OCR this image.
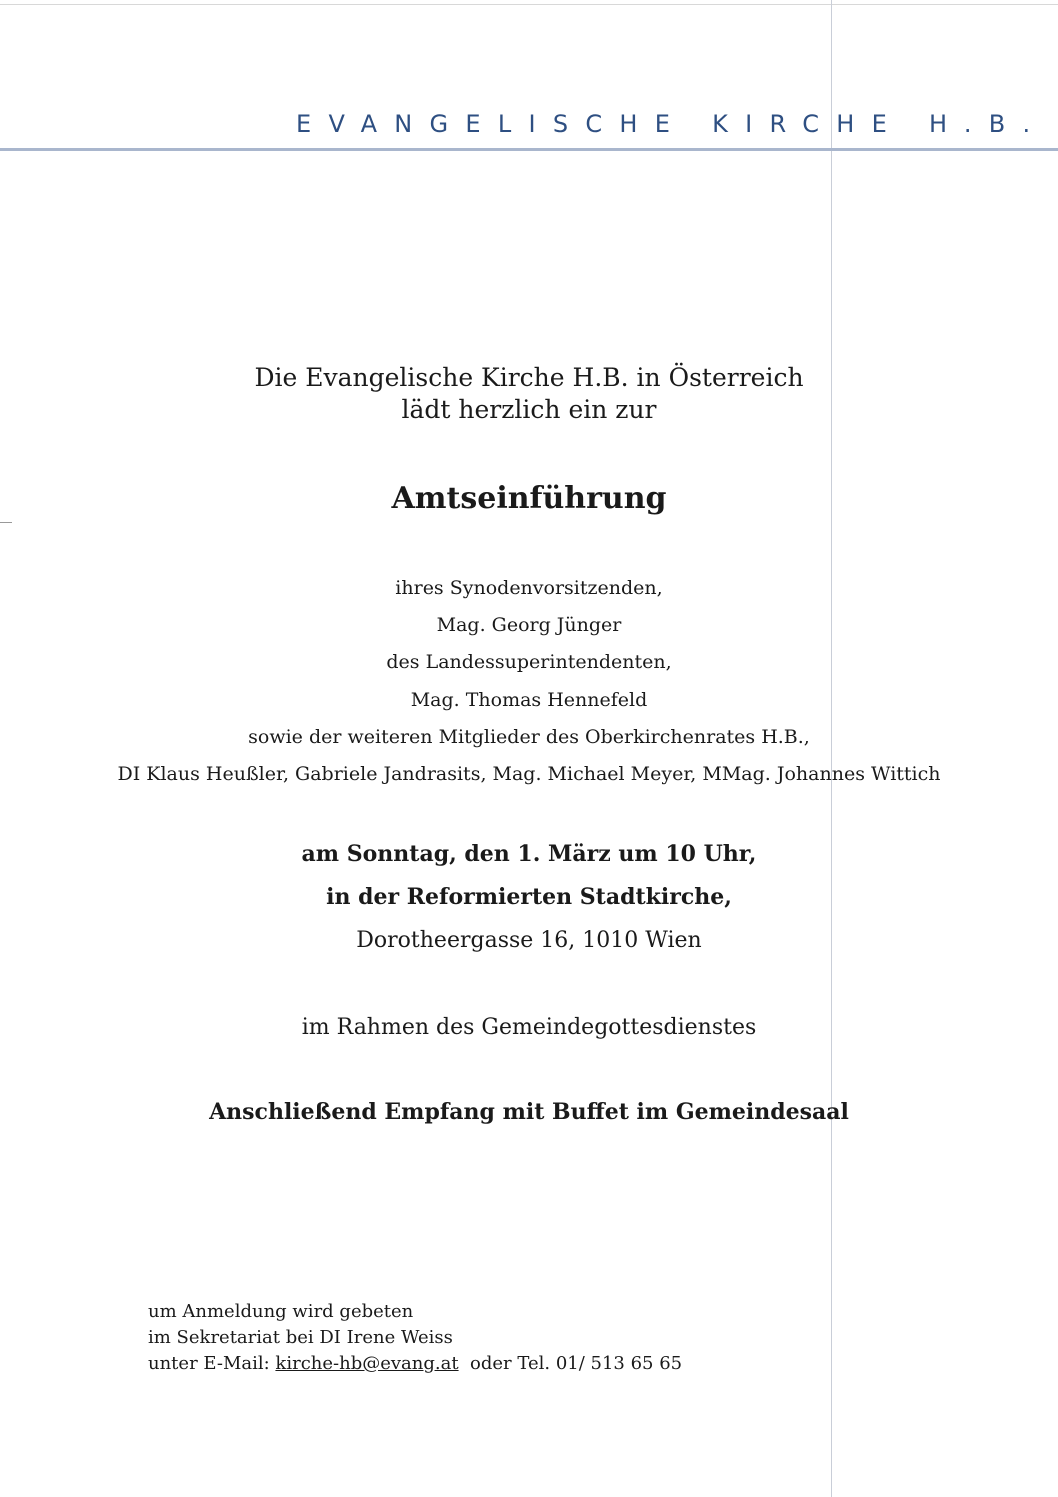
EVANGELISCHE KIRCHE H.B.
Die Evangelische Kirche H.B. in Österreich
lädt herzlich ein zur
Amtseinführung
ihres Synodenvorsitzenden,
Mag. Georg Jünger
des Landessuperintendenten,
Mag. Thomas Hennefeld
sowie der weiteren Mitglieder des Oberkirchenrates H.B.,
DI Klaus Heußler, Gabriele Jandrasits, Mag. Michael Meyer, MMag. Johannes Wittich
am Sonntag, den 1. März um 10 Uhr,
in der Reformierten Stadtkirche,
Dorotheergasse 16, 1010 Wien
im Rahmen des Gemeindegottesdienstes
Anschließend Empfang mit Buffet im Gemeindesaal
um Anmeldung wird gebeten
im Sekretariat bei DI Irene Weiss
unter E-Mail: kirche-hb@evang.at  oder Tel. 01/ 513 65 65
